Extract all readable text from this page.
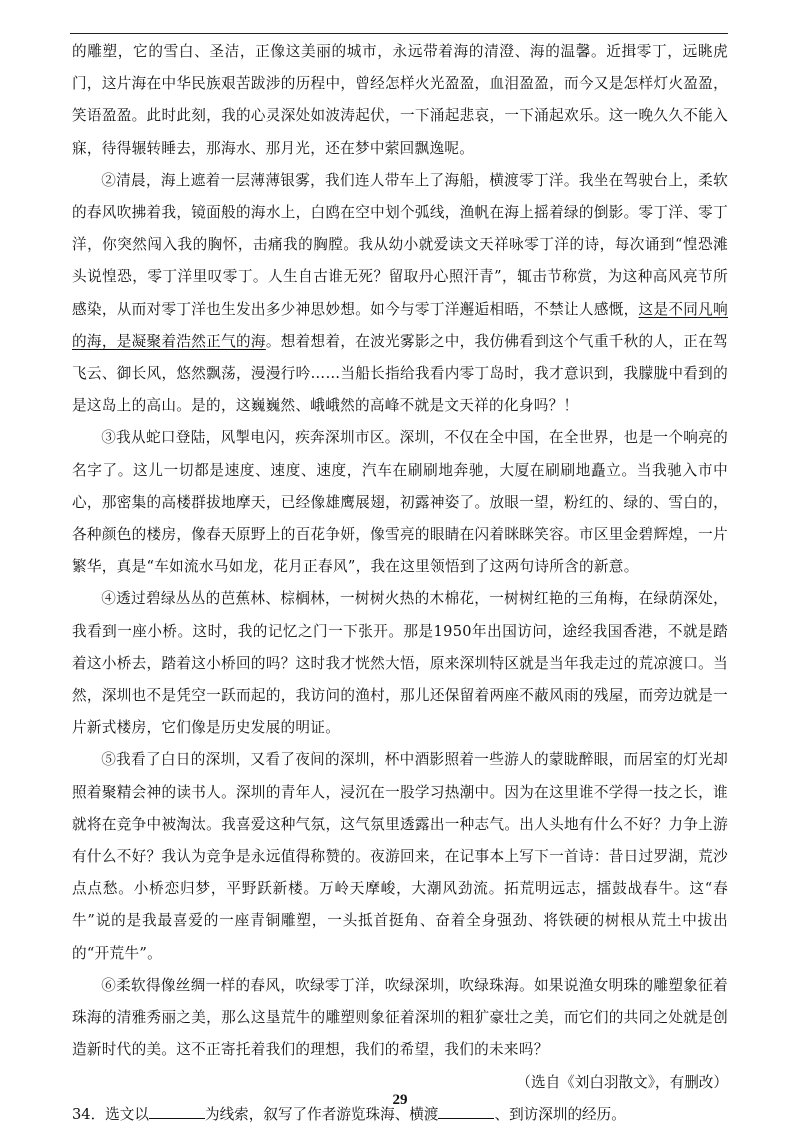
的雕塑，它的雪白、圣洁，正像这美丽的城市，永远带着海的清澄、海的温馨。近揖零丁，远眺虎门，这片海在中华民族艰苦跋涉的历程中，曾经怎样火光盈盈，血泪盈盈，而今又是怎样灯火盈盈，笑语盈盈。此时此刻，我的心灵深处如波涛起伏，一下涌起悲哀，一下涌起欢乐。这一晚久久不能入寐，待得辗转睡去，那海水、那月光，还在梦中萦回飘逸呢。

②清晨，海上遮着一层薄薄银雾，我们连人带车上了海船，横渡零丁洋。我坐在驾驶台上，柔软的春风吹拂着我，镜面般的海水上，白鸥在空中划个弧线，渔帆在海上摇着绿的倒影。零丁洋、零丁洋，你突然闯入我的胸怀，击痛我的胸膛。我从幼小就爱读文天祥咏零丁洋的诗，每次诵到“惶恐滩头说惶恐，零丁洋里叹零丁。人生自古谁无死？留取丹心照汗青”，辄击节称赏，为这种高风亮节所感染，从而对零丁洋也生发出多少神思妙想。如今与零丁洋邂逅相晤，不禁让人感慨，这是不同凡响的海，是凝聚着浩然正气的海。想着想着，在波光雾影之中，我仿佛看到这个气重千秋的人，正在驾飞云、御长风，悠然飘荡，漫漫行吟……当船长指给我看内零丁岛时，我才意识到，我朦胧中看到的是这岛上的高山。是的，这巍巍然、峨峨然的高峰不就是文天祥的化身吗？！

③我从蛇口登陆，风掣电闪，疾奔深圳市区。深圳，不仅在全中国，在全世界，也是一个响亮的名字了。这儿一切都是速度、速度、速度，汽车在刷刷地奔驰，大厦在刷刷地矗立。当我驰入市中心，那密集的高楼群拔地摩天，已经像雄鹰展翅，初露神姿了。放眼一望，粉红的、绿的、雪白的，各种颜色的楼房，像春天原野上的百花争妍，像雪亮的眼睛在闪着眯眯笑容。市区里金碧辉煌，一片繁华，真是“车如流水马如龙，花月正春风”，我在这里领悟到了这两句诗所含的新意。

④透过碧绿丛丛的芭蕉林、棕榈林，一树树火热的木棉花，一树树红艳的三角梅，在绿荫深处，我看到一座小桥。这时，我的记忆之门一下张开。那是1950年出国访问，途经我国香港，不就是踏着这小桥去，踏着这小桥回的吗？这时我才恍然大悟，原来深圳特区就是当年我走过的荒凉渡口。当然，深圳也不是凭空一跃而起的，我访问的渔村，那儿还保留着两座不蔽风雨的残屋，而旁边就是一片新式楼房，它们像是历史发展的明证。

⑤我看了白日的深圳，又看了夜间的深圳，杯中酒影照着一些游人的蒙眬醉眼，而居室的灯光却照着聚精会神的读书人。深圳的青年人，浸沉在一股学习热潮中。因为在这里谁不学得一技之长，谁就将在竞争中被淘汰。我喜爱这种气氛，这气氛里透露出一种志气。出人头地有什么不好？力争上游有什么不好？我认为竞争是永远值得称赞的。夜游回来，在记事本上写下一首诗：昔日过罗湖，荒沙点点愁。小桥恋归梦，平野跃新楼。万岭天摩峻，大潮风劲流。拓荒明远志，擂鼓战春牛。这“春牛”说的是我最喜爱的一座青铜雕塑，一头抵首挺角、奋着全身强劲、将铁硬的树根从荒土中拔出的“开荒牛”。

⑥柔软得像丝绸一样的春风，吹绿零丁洋，吹绿深圳，吹绿珠海。如果说渔女明珠的雕塑象征着珠海的清雅秀丽之美，那么这垦荒牛的雕塑则象征着深圳的粗犷豪壮之美，而它们的共同之处就是创造新时代的美。这不正寄托着我们的理想，我们的希望，我们的未来吗？

（选自《刘白羽散文》，有删改）

34．选文以	为线索，叙写了作者游览珠海、横渡	、到访深圳的经历。

29
